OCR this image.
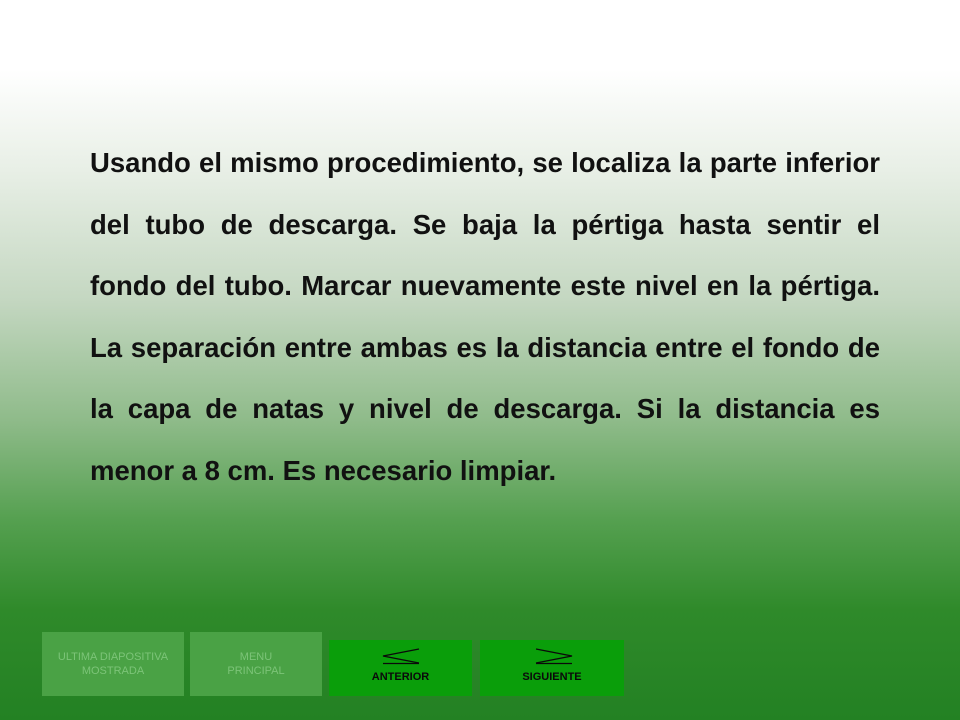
Usando el mismo procedimiento, se localiza la parte inferior del tubo de descarga. Se baja la pértiga hasta sentir el fondo del tubo. Marcar nuevamente este nivel en la pértiga. La separación entre ambas es la distancia entre el fondo de la capa de natas y nivel de descarga. Si la distancia es menor a 8 cm. Es necesario limpiar.

ULTIMA DIAPOSITIVA
MOSTRADA
MENU
PRINCIPAL	ANTERIOR	SIGUIENTE
